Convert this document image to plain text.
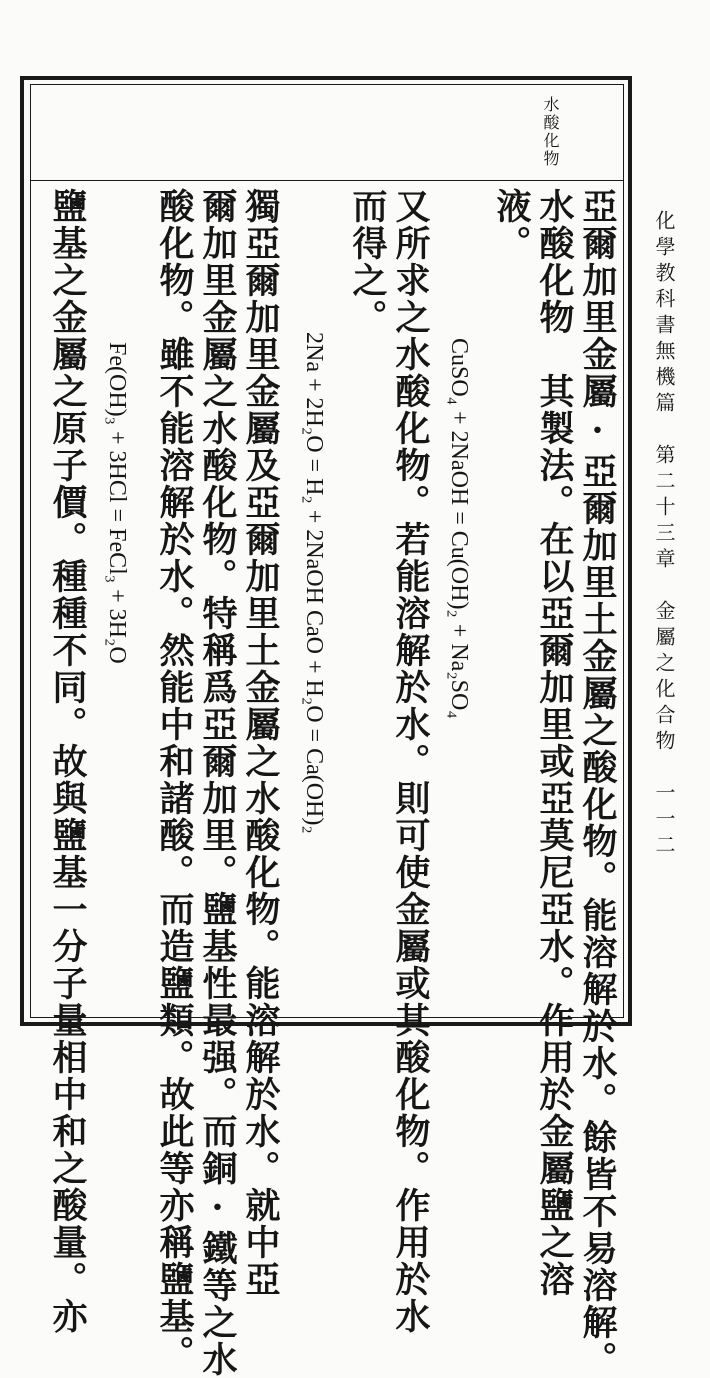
水酸化物
化學教科書無機篇第二十三章金屬之化合物一一二
亞爾加里金屬·亞爾加里土金屬之酸化物。能溶解於水。餘皆不易溶解。
水酸化物　其製法。在以亞爾加里或亞莫尼亞水。作用於金屬鹽之溶
液。
CuSO₄ + 2NaOH = Cu(OH)₂ + Na₂SO₄
又所求之水酸化物。若能溶解於水。則可使金屬或其酸化物。作用於水
而得之。
2Na + 2H₂O = H₂ + 2NaOH CaO + H₂O = Ca(OH)₂
獨亞爾加里金屬及亞爾加里土金屬之水酸化物。能溶解於水。就中亞
爾加里金屬之水酸化物。特稱爲亞爾加里。鹽基性最强。而銅·鐵等之水
酸化物。雖不能溶解於水。然能中和諸酸。而造鹽類。故此等亦稱鹽基。
Fe(OH)₃ + 3HCl = FeCl₃ + 3H₂O
鹽基之金屬之原子價。種種不同。故與鹽基一分子量相中和之酸量。亦
